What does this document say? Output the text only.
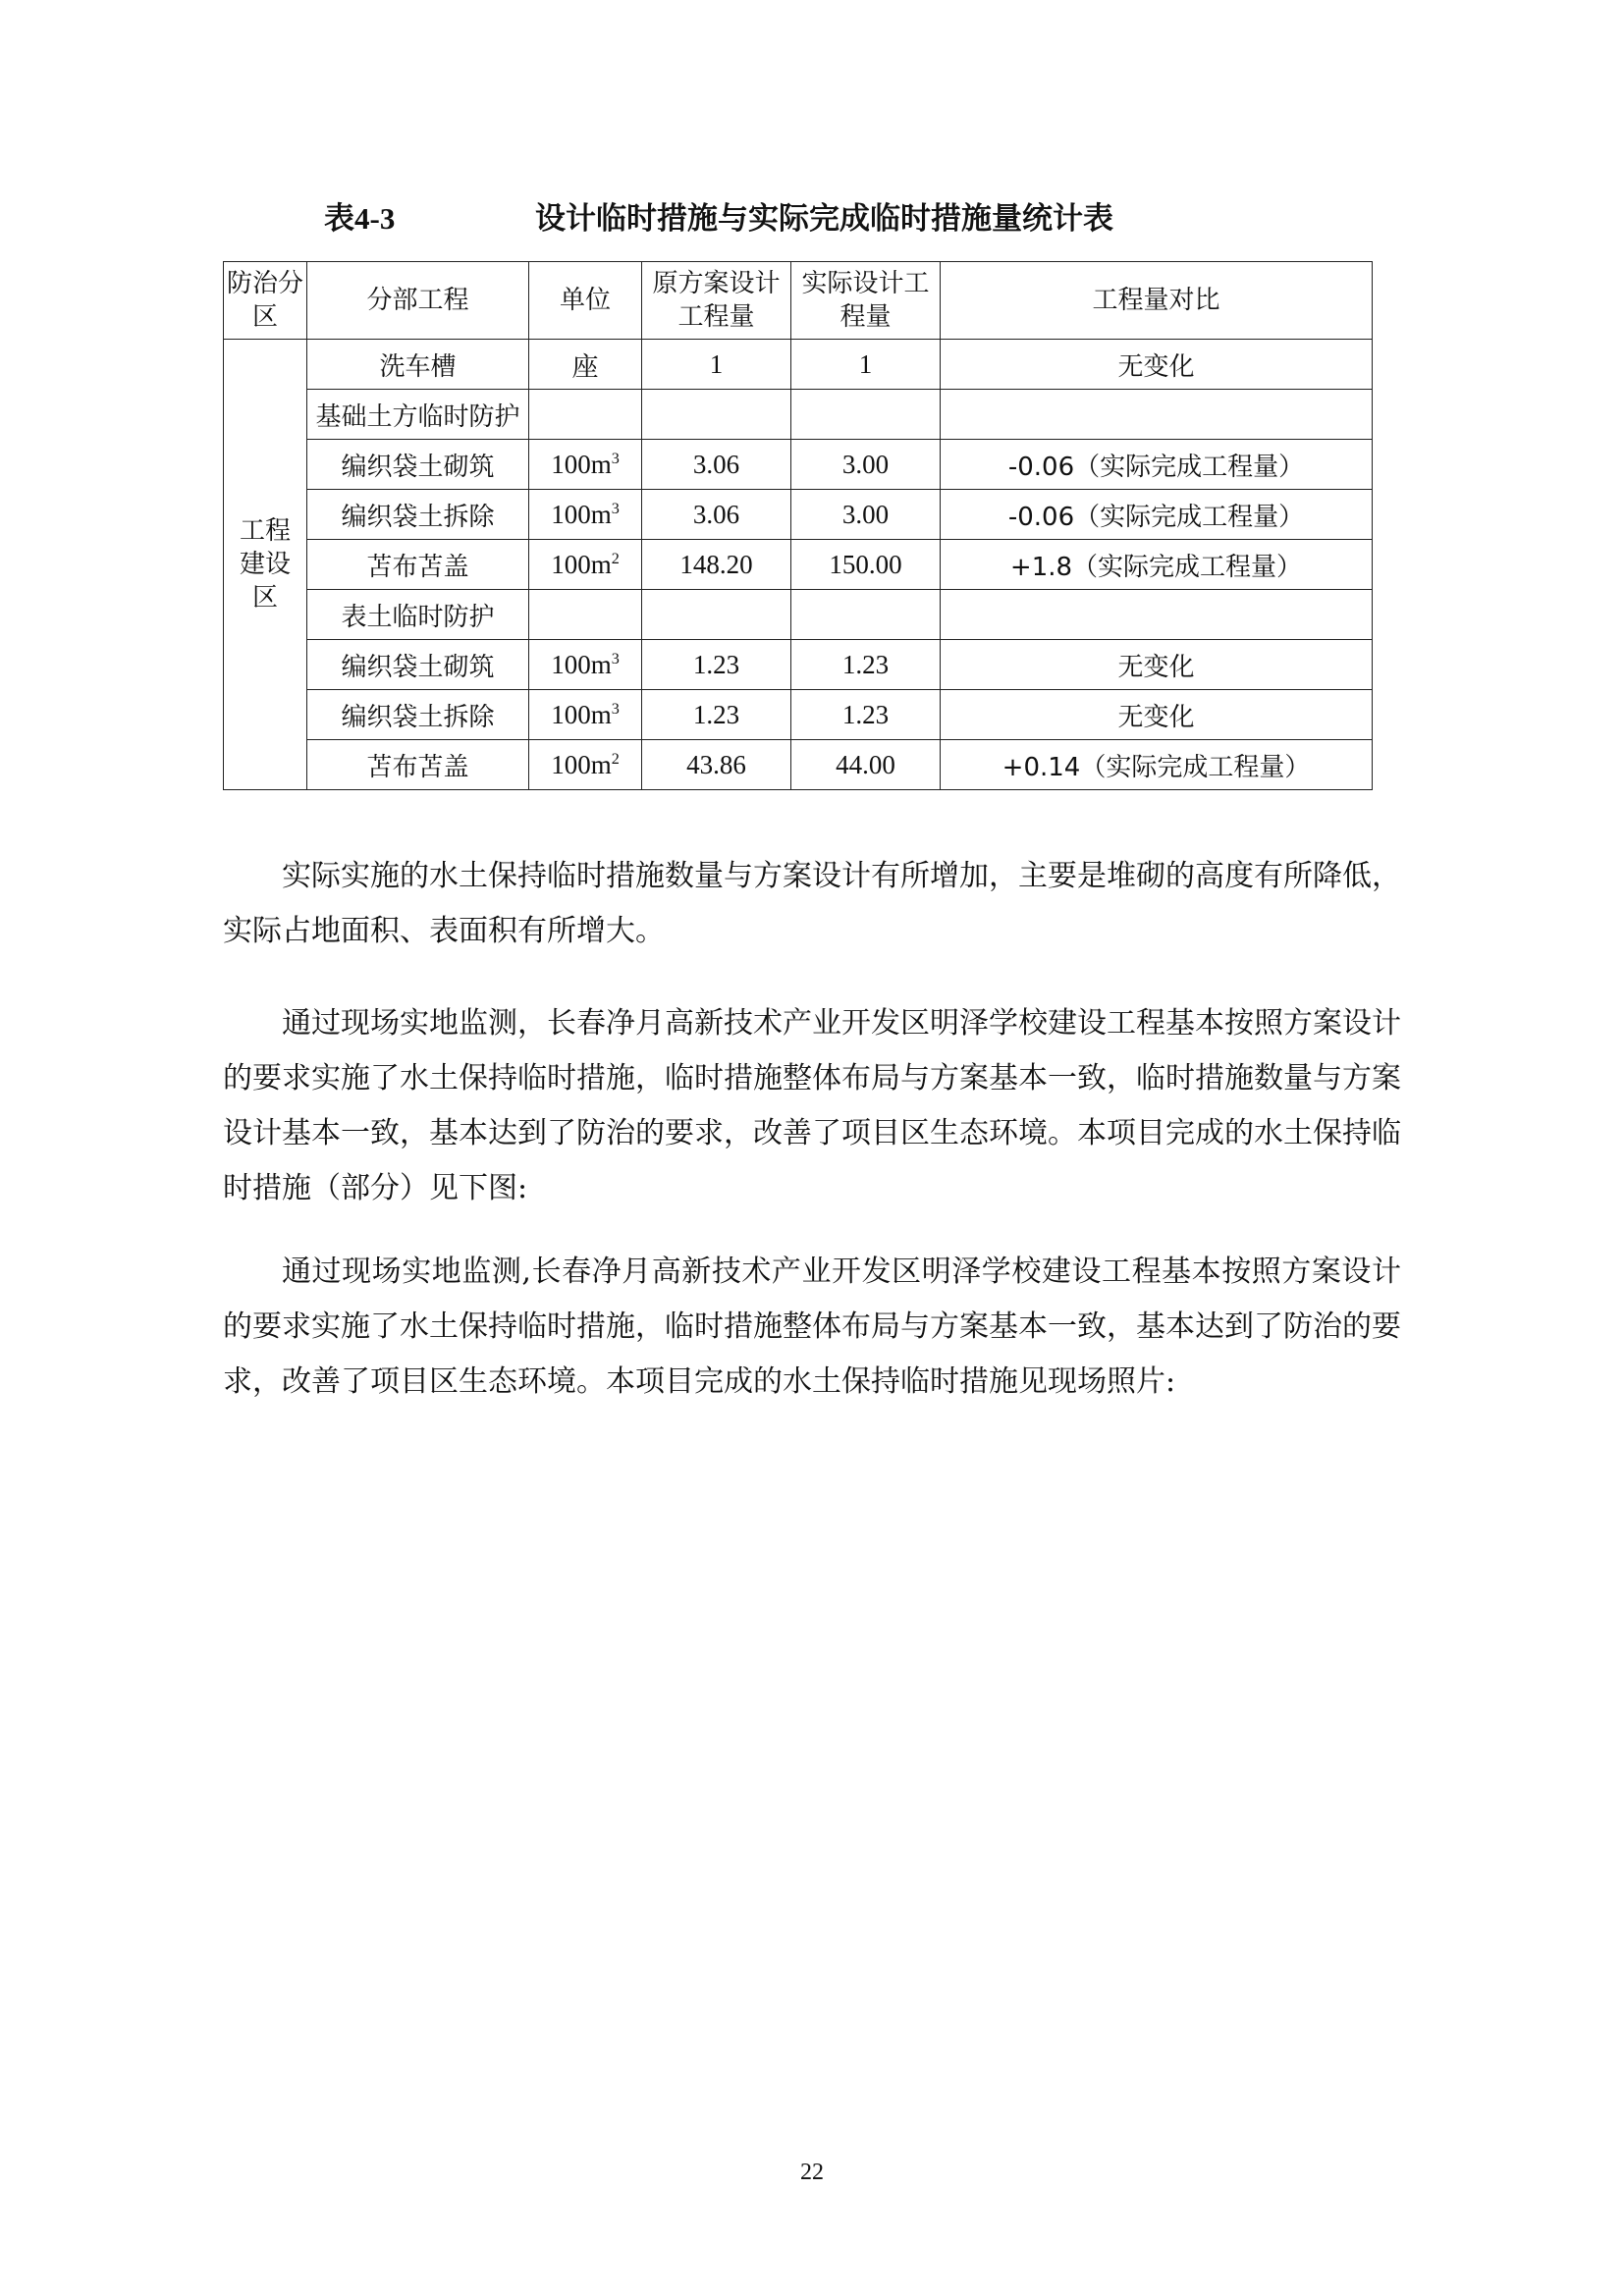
表4-3	设计临时措施与实际完成临时措施量统计表
防治分区	分部工程	单位	原方案设计工程量	实际设计工程量	工程量对比
工程建设区	洗车槽	座	1	1	无变化
	基础土方临时防护				
	编织袋土砌筑	$100m^3$	3.06	3.00	-0.06（实际完成工程量）
	编织袋土拆除	$100m^3$	3.06	3.00	-0.06（实际完成工程量）
	苫布苫盖	$100m^2$	148.20	150.00	+1.8（实际完成工程量）
	表土临时防护				
	编织袋土砌筑	$100m^3$	1.23	1.23	无变化
	编织袋土拆除	$100m^3$	1.23	1.23	无变化
	苫布苫盖	$100m^2$	43.86	44.00	+0.14（实际完成工程量）

实际实施的水土保持临时措施数量与方案设计有所增加，主要是堆砌的高度有所降低，实际占地面积、表面积有所增大。

通过现场实地监测，长春净月高新技术产业开发区明泽学校建设工程基本按照方案设计的要求实施了水土保持临时措施，临时措施整体布局与方案基本一致，临时措施数量与方案设计基本一致，基本达到了防治的要求，改善了项目区生态环境。本项目完成的水土保持临时措施（部分）见下图:

通过现场实地监测,长春净月高新技术产业开发区明泽学校建设工程基本按照方案设计的要求实施了水土保持临时措施，临时措施整体布局与方案基本一致，基本达到了防治的要求，改善了项目区生态环境。本项目完成的水土保持临时措施见现场照片:

22
